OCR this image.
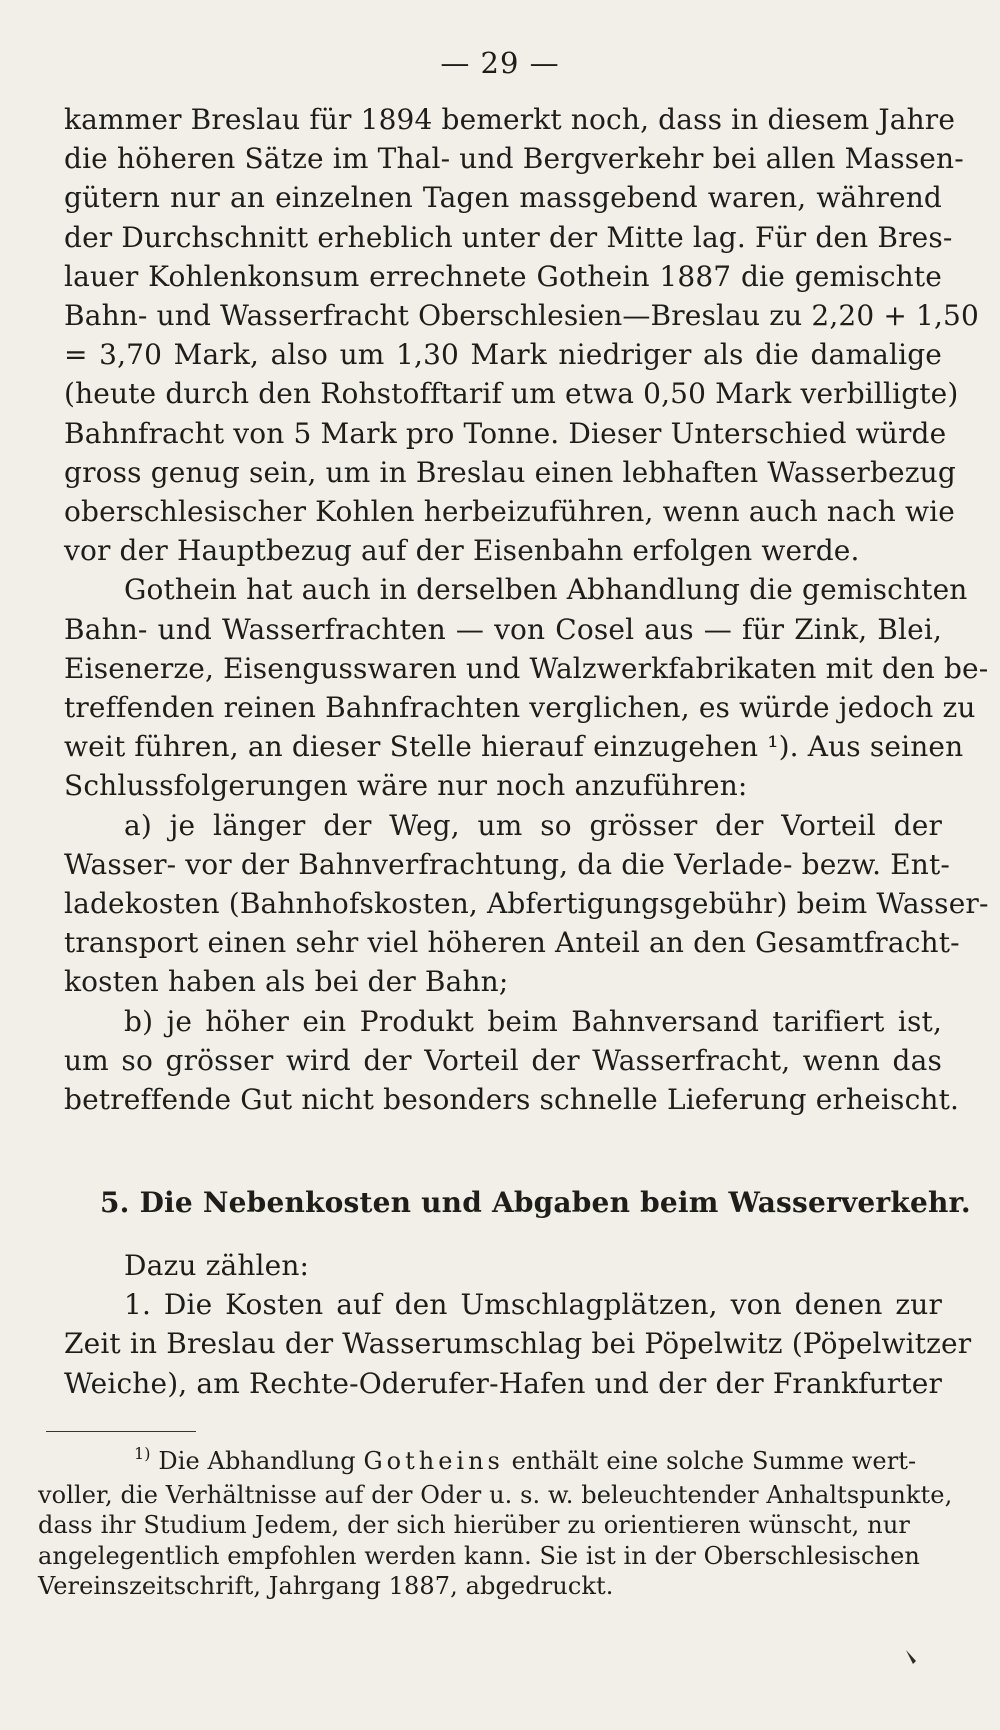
— 29 —
kammer Breslau für 1894 bemerkt noch, dass in diesem Jahre
die höheren Sätze im Thal- und Bergverkehr bei allen Massen-
gütern nur an einzelnen Tagen massgebend waren, während
der Durchschnitt erheblich unter der Mitte lag. Für den Bres-
lauer Kohlenkonsum errechnete Gothein 1887 die gemischte
Bahn- und Wasserfracht Oberschlesien—Breslau zu 2,20 + 1,50
= 3,70 Mark, also um 1,30 Mark niedriger als die damalige
(heute durch den Rohstofftarif um etwa 0,50 Mark verbilligte)
Bahnfracht von 5 Mark pro Tonne. Dieser Unterschied würde
gross genug sein, um in Breslau einen lebhaften Wasserbezug
oberschlesischer Kohlen herbeizuführen, wenn auch nach wie
vor der Hauptbezug auf der Eisenbahn erfolgen werde.
Gothein hat auch in derselben Abhandlung die gemischten
Bahn- und Wasserfrachten — von Cosel aus — für Zink, Blei,
Eisenerze, Eisengusswaren und Walzwerkfabrikaten mit den be-
treffenden reinen Bahnfrachten verglichen, es würde jedoch zu
weit führen, an dieser Stelle hierauf einzugehen ¹). Aus seinen
Schlussfolgerungen wäre nur noch anzuführen:
a) je länger der Weg, um so grösser der Vorteil der
Wasser- vor der Bahnverfrachtung, da die Verlade- bezw. Ent-
ladekosten (Bahnhofskosten, Abfertigungsgebühr) beim Wasser-
transport einen sehr viel höheren Anteil an den Gesamtfracht-
kosten haben als bei der Bahn;
b) je höher ein Produkt beim Bahnversand tarifiert ist,
um so grösser wird der Vorteil der Wasserfracht, wenn das
betreffende Gut nicht besonders schnelle Lieferung erheischt.
5. Die Nebenkosten und Abgaben beim Wasserverkehr.
Dazu zählen:
1. Die Kosten auf den Umschlagplätzen, von denen zur
Zeit in Breslau der Wasserumschlag bei Pöpelwitz (Pöpelwitzer
Weiche), am Rechte-Oderufer-Hafen und der der Frankfurter
$^{1)}$ Die Abhandlung Gotheins enthält eine solche Summe wert-
voller, die Verhältnisse auf der Oder u. s. w. beleuchtender Anhaltspunkte,
dass ihr Studium Jedem, der sich hierüber zu orientieren wünscht, nur
angelegentlich empfohlen werden kann. Sie ist in der Oberschlesischen
Vereinszeitschrift, Jahrgang 1887, abgedruckt.
